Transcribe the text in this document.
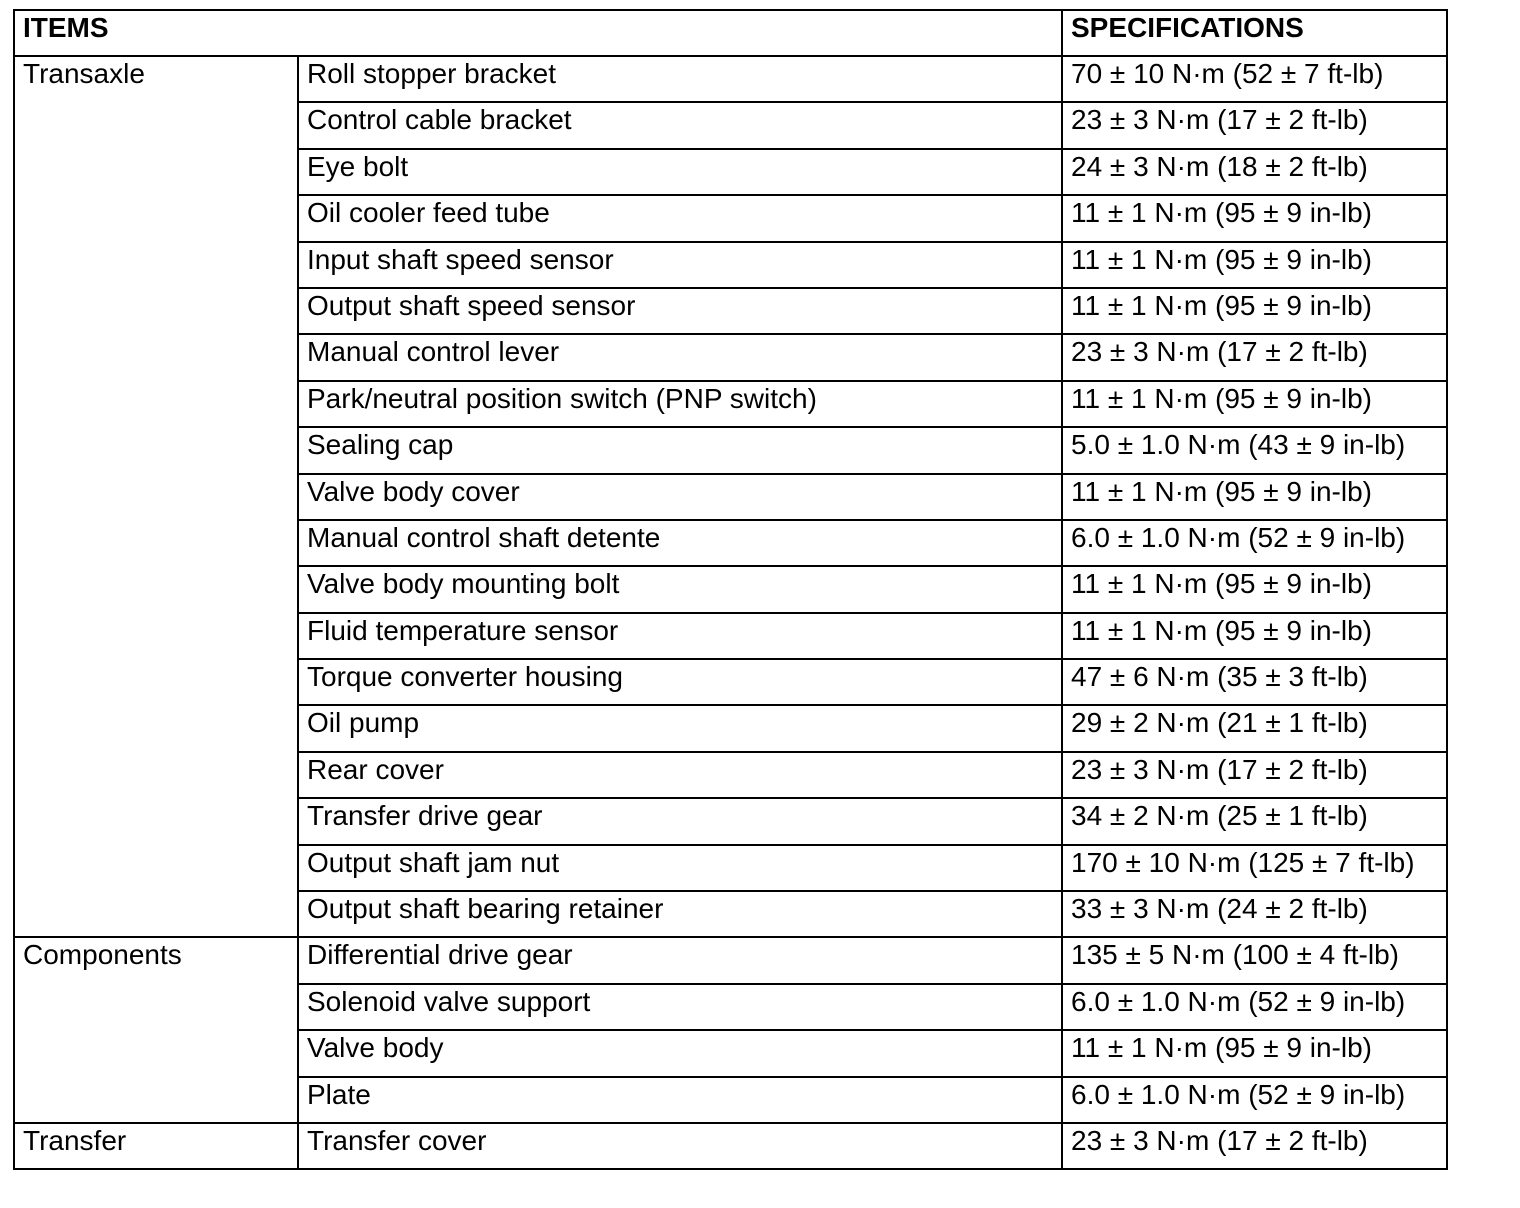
ITEMS		SPECIFICATIONS
Transaxle	Roll stopper bracket	70 ± 10 N·m (52 ± 7 ft-lb)
	Control cable bracket	23 ± 3 N·m (17 ± 2 ft-lb)
	Eye bolt	24 ± 3 N·m (18 ± 2 ft-lb)
	Oil cooler feed tube	11 ± 1 N·m (95 ± 9 in-lb)
	Input shaft speed sensor	11 ± 1 N·m (95 ± 9 in-lb)
	Output shaft speed sensor	11 ± 1 N·m (95 ± 9 in-lb)
	Manual control lever	23 ± 3 N·m (17 ± 2 ft-lb)
	Park/neutral position switch (PNP switch)	11 ± 1 N·m (95 ± 9 in-lb)
	Sealing cap	5.0 ± 1.0 N·m (43 ± 9 in-lb)
	Valve body cover	11 ± 1 N·m (95 ± 9 in-lb)
	Manual control shaft detente	6.0 ± 1.0 N·m (52 ± 9 in-lb)
	Valve body mounting bolt	11 ± 1 N·m (95 ± 9 in-lb)
	Fluid temperature sensor	11 ± 1 N·m (95 ± 9 in-lb)
	Torque converter housing	47 ± 6 N·m (35 ± 3 ft-lb)
	Oil pump	29 ± 2 N·m (21 ± 1 ft-lb)
	Rear cover	23 ± 3 N·m (17 ± 2 ft-lb)
	Transfer drive gear	34 ± 2 N·m (25 ± 1 ft-lb)
	Output shaft jam nut	170 ± 10 N·m (125 ± 7 ft-lb)
	Output shaft bearing retainer	33 ± 3 N·m (24 ± 2 ft-lb)
Components	Differential drive gear	135 ± 5 N·m (100 ± 4 ft-lb)
	Solenoid valve support	6.0 ± 1.0 N·m (52 ± 9 in-lb)
	Valve body	11 ± 1 N·m (95 ± 9 in-lb)
	Plate	6.0 ± 1.0 N·m (52 ± 9 in-lb)
Transfer	Transfer cover	23 ± 3 N·m (17 ± 2 ft-lb)
